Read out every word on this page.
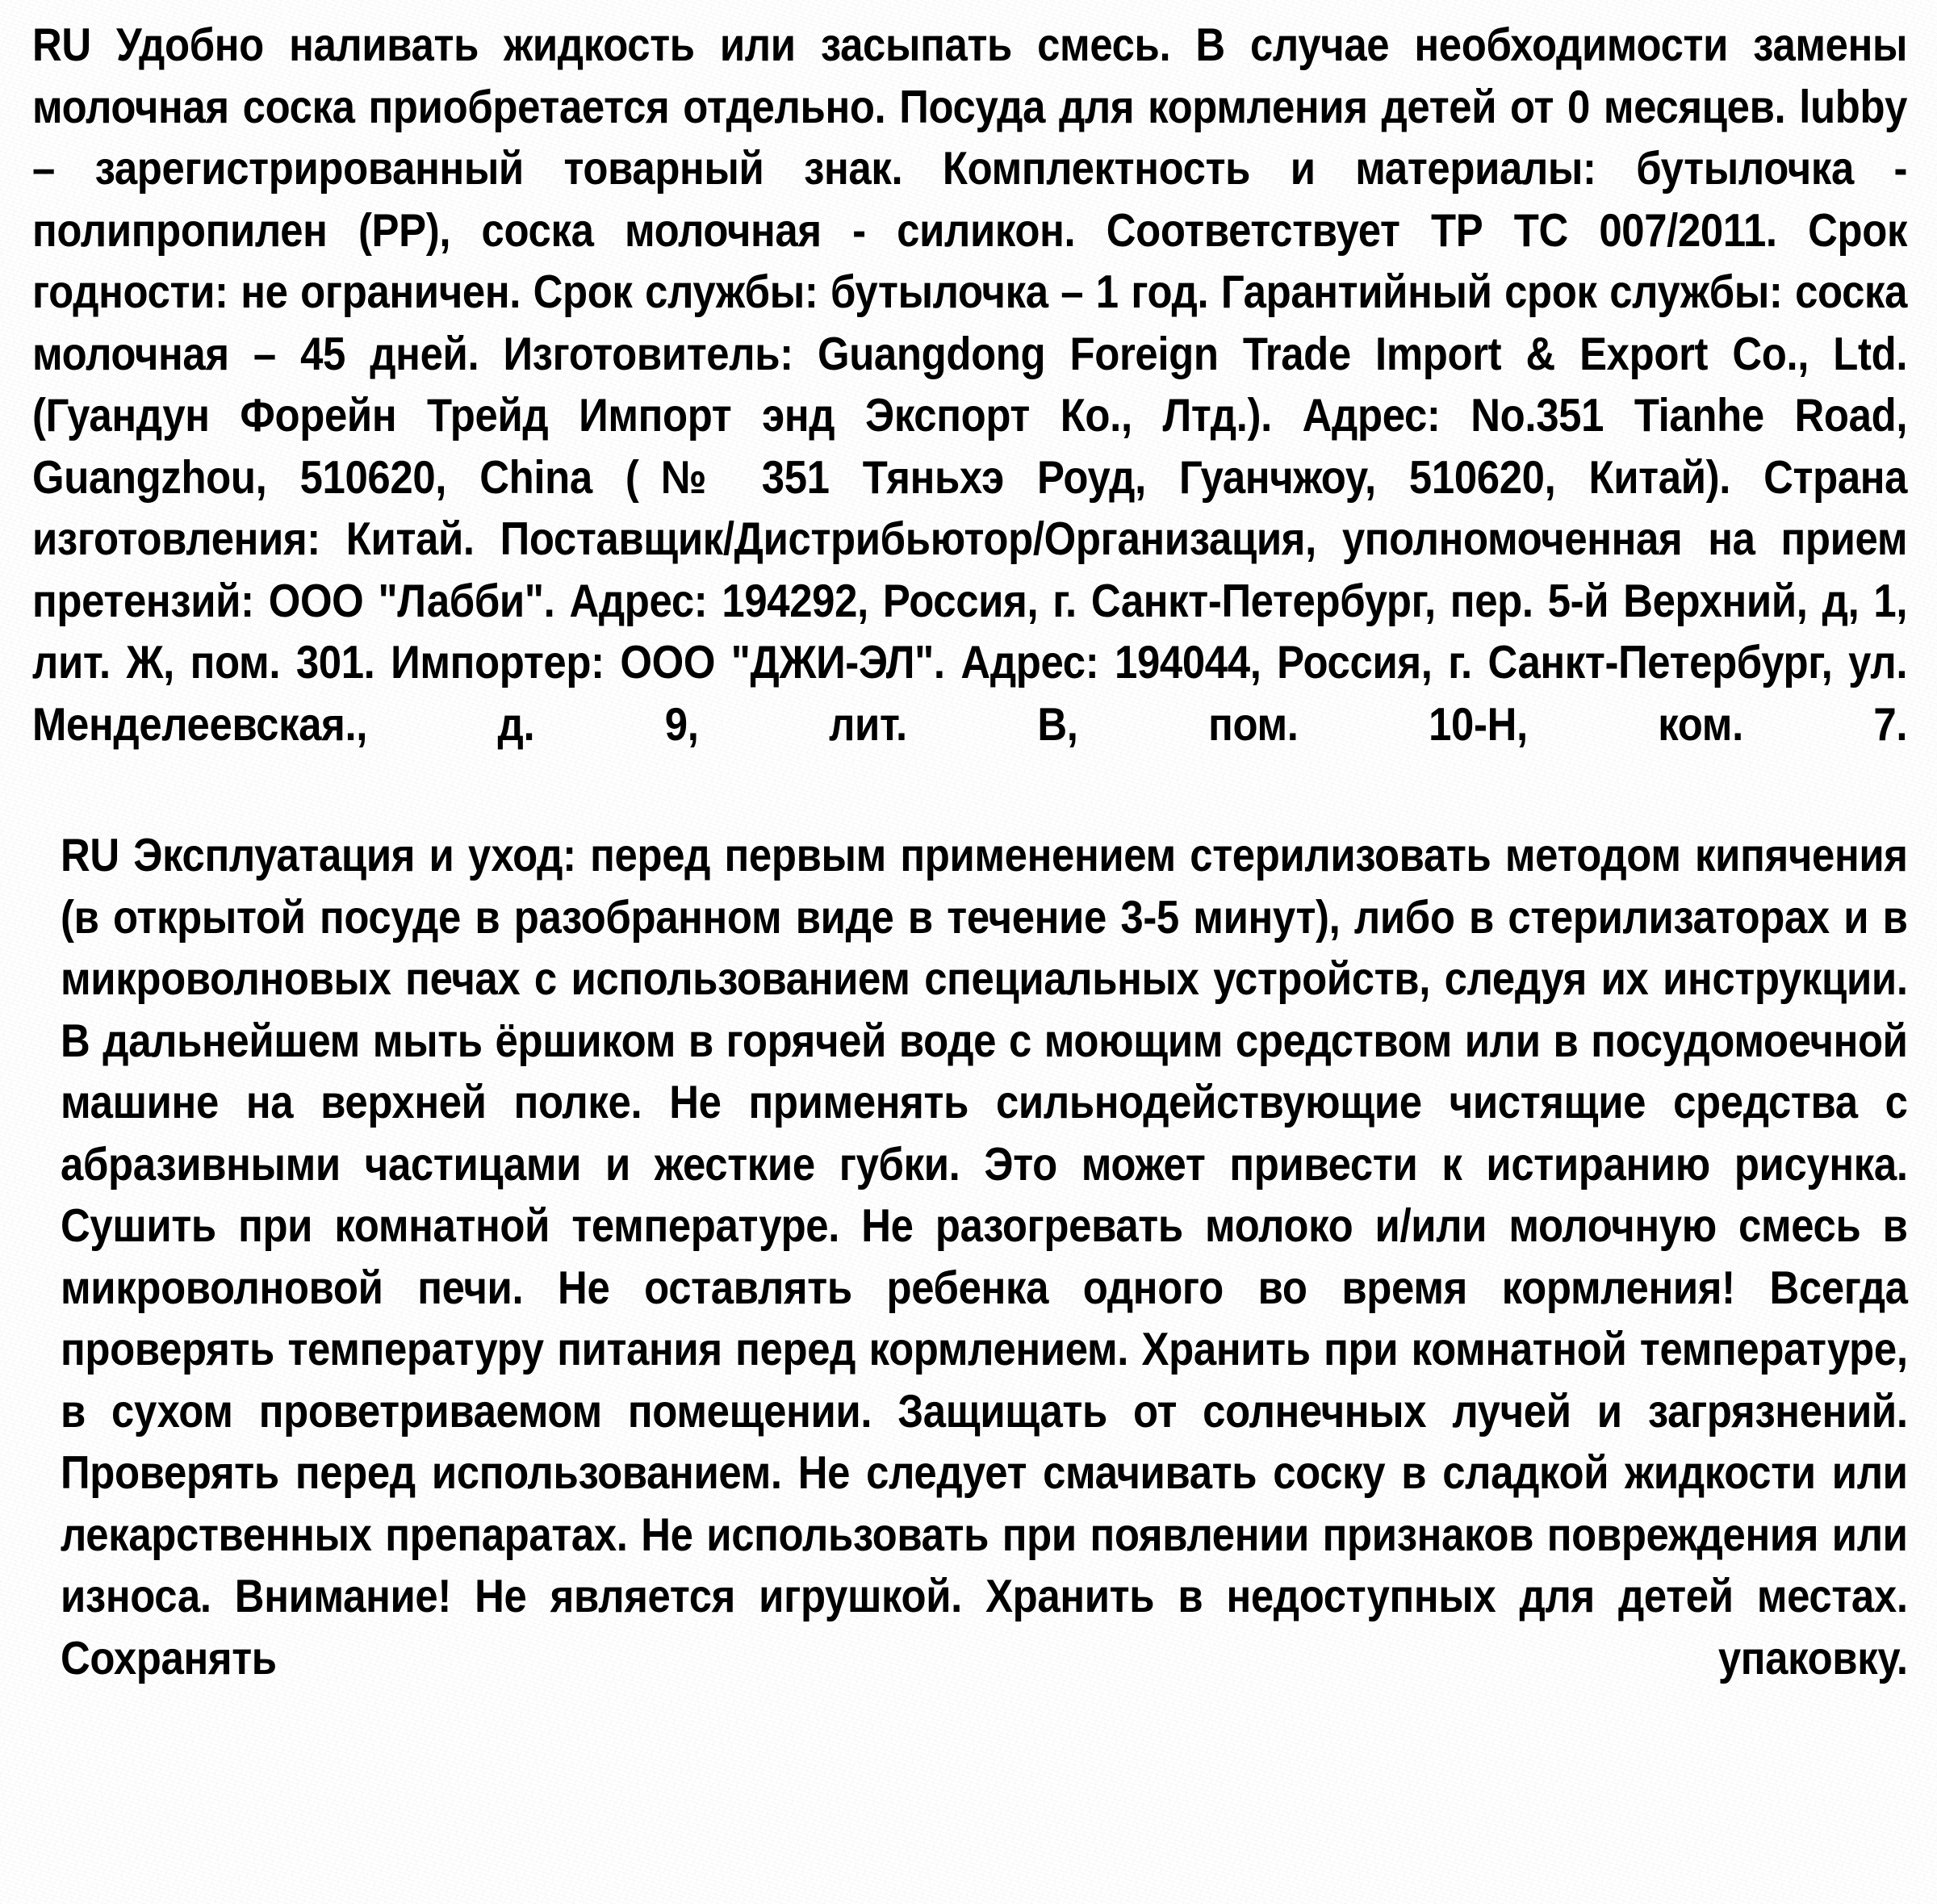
RU Удобно наливать жидкость или засыпать смесь. В случае необходимости замены молочная соска приобретается отдельно. Посуда для кормления детей от 0 месяцев. lubby – зарегистрированный товарный знак. Комплектность и материалы: бутылочка - полипропилен (PP), соска молочная - силикон. Соответствует ТР ТС 007/2011. Срок годности: не ограничен. Срок службы: бутылочка – 1 год. Гарантийный срок службы: соска молочная – 45 дней. Изготовитель: Guangdong Foreign Trade Import & Export Co., Ltd. (Гуандун Форейн Трейд Импорт энд Экспорт Ко., Лтд.). Адрес: No.351 Tianhe Road, Guangzhou, 510620, China (№ 351 Тяньхэ Роуд, Гуанчжоу, 510620, Китай). Страна изготовления: Китай. Поставщик/Дистрибьютор/Организация, уполномоченная на прием претензий: ООО "Лабби". Адрес: 194292, Россия, г. Санкт-Петербург, пер. 5-й Верхний, д, 1, лит. Ж, пом. 301. Импортер: ООО "ДЖИ-ЭЛ". Адрес: 194044, Россия, г. Санкт-Петербург, ул. Менделеевская., д. 9, лит. В, пом. 10-Н, ком. 7.
RU Эксплуатация и уход: перед первым применением стерилизовать методом кипячения (в открытой посуде в разобранном виде в течение 3-5 минут), либо в стерилизаторах и в микроволновых печах с использованием специальных устройств, следуя их инструкции. В дальнейшем мыть ёршиком в горячей воде с моющим средством или в посудомоечной машине на верхней полке. Не применять сильнодействующие чистящие средства с абразивными частицами и жесткие губки. Это может привести к истиранию рисунка. Сушить при комнатной температуре. Не разогревать молоко и/или молочную смесь в микроволновой печи. Не оставлять ребенка одного во время кормления! Всегда проверять температуру питания перед кормлением. Хранить при комнатной температуре, в сухом проветриваемом помещении. Защищать от солнечных лучей и загрязнений. Проверять перед использованием. Не следует смачивать соску в сладкой жидкости или лекарственных препаратах. Не использовать при появлении признаков повреждения или износа. Внимание! Не является игрушкой. Хранить в недоступных для детей местах. Сохранять упаковку.
